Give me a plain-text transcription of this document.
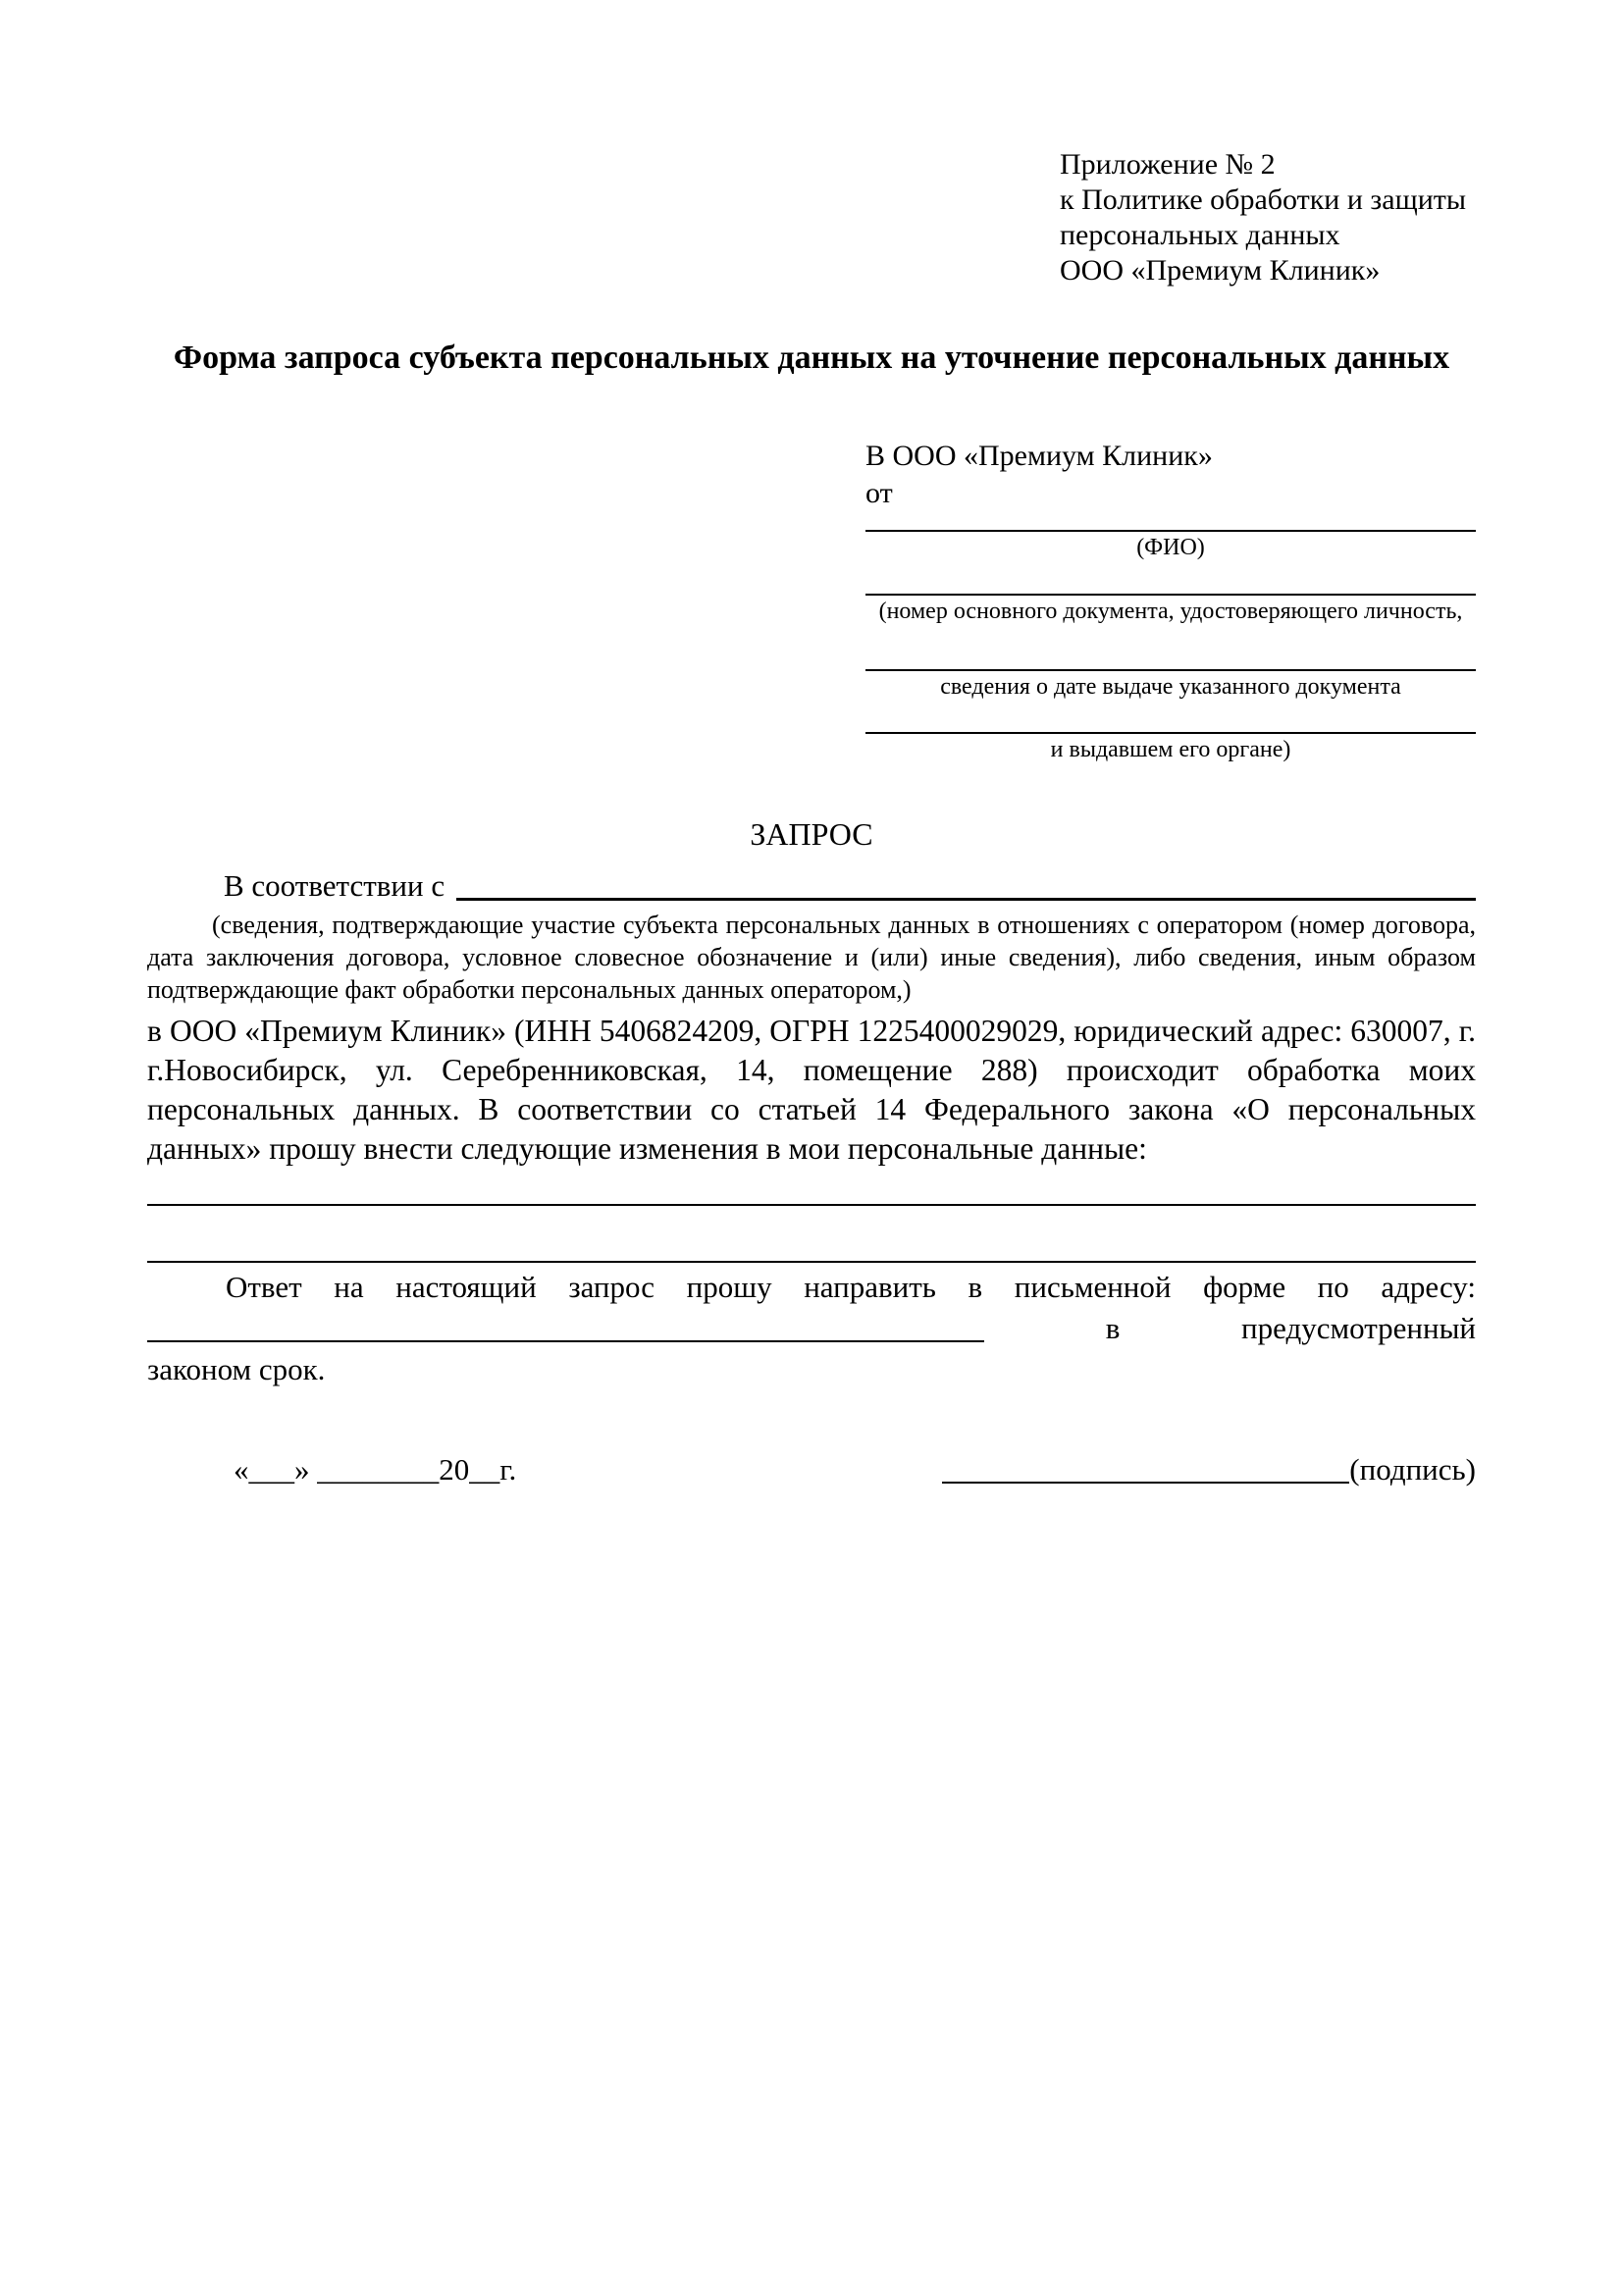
Приложение № 2
к Политике обработки и защиты
персональных данных
ООО «Премиум Клиник»
Форма запроса субъекта персональных данных на уточнение персональных данных
В ООО «Премиум Клиник»
от
(ФИО)
(номер основного документа, удостоверяющего личность,
сведения о дате выдаче указанного документа
и выдавшем его органе)
ЗАПРОС
В соответствии с
(сведения, подтверждающие участие субъекта персональных данных в отношениях с оператором (номер договора, дата заключения договора, условное словесное обозначение и (или) иные сведения), либо сведения, иным образом подтверждающие факт обработки персональных данных оператором,)
в ООО «Премиум Клиник» (ИНН 5406824209, ОГРН 1225400029029, юридический адрес: 630007, г. г.Новосибирск, ул. Серебренниковская, 14, помещение 288) происходит обработка моих персональных данных. В соответствии со статьей 14 Федерального закона «О персональных данных» прошу внести следующие изменения в мои персональные данные:
Ответ на настоящий запрос прошу направить в письменной форме по адресу:
в	предусмотренный
законом срок.
«___» ________20__г.	(подпись)
